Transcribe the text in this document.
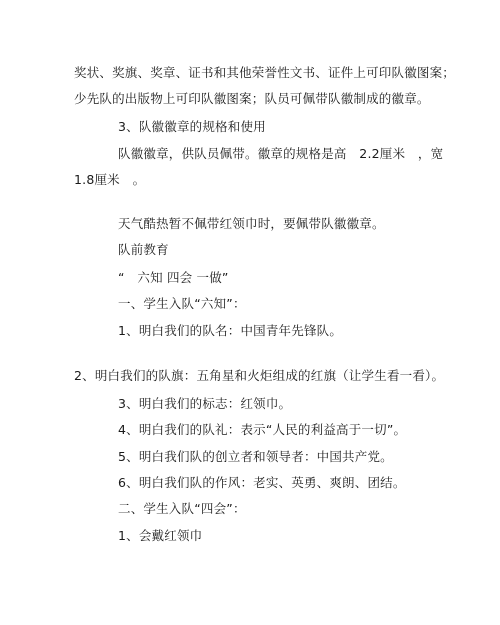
奖状、奖旗、奖章、证书和其他荣誉性文书、证件上可印队徽图案；
少先队的出版物上可印队徽图案；队员可佩带队徽制成的徽章。
3、队徽徽章的规格和使用
队徽徽章，供队员佩带。徽章的规格是高　2.2厘米　，宽
1.8厘米　。
天气酷热暂不佩带红领巾时，要佩带队徽徽章。
队前教育
“　六知 四会 一做”
一、学生入队“六知”：
1、明白我们的队名：中国青年先锋队。
2、明白我们的队旗：五角星和火炬组成的红旗（让学生看一看）。
3、明白我们的标志：红领巾。
4、明白我们的队礼：表示“人民的利益高于一切”。
5、明白我们队的创立者和领导者：中国共产党。
6、明白我们队的作风：老实、英勇、爽朗、团结。
二、学生入队“四会”：
1、会戴红领巾
